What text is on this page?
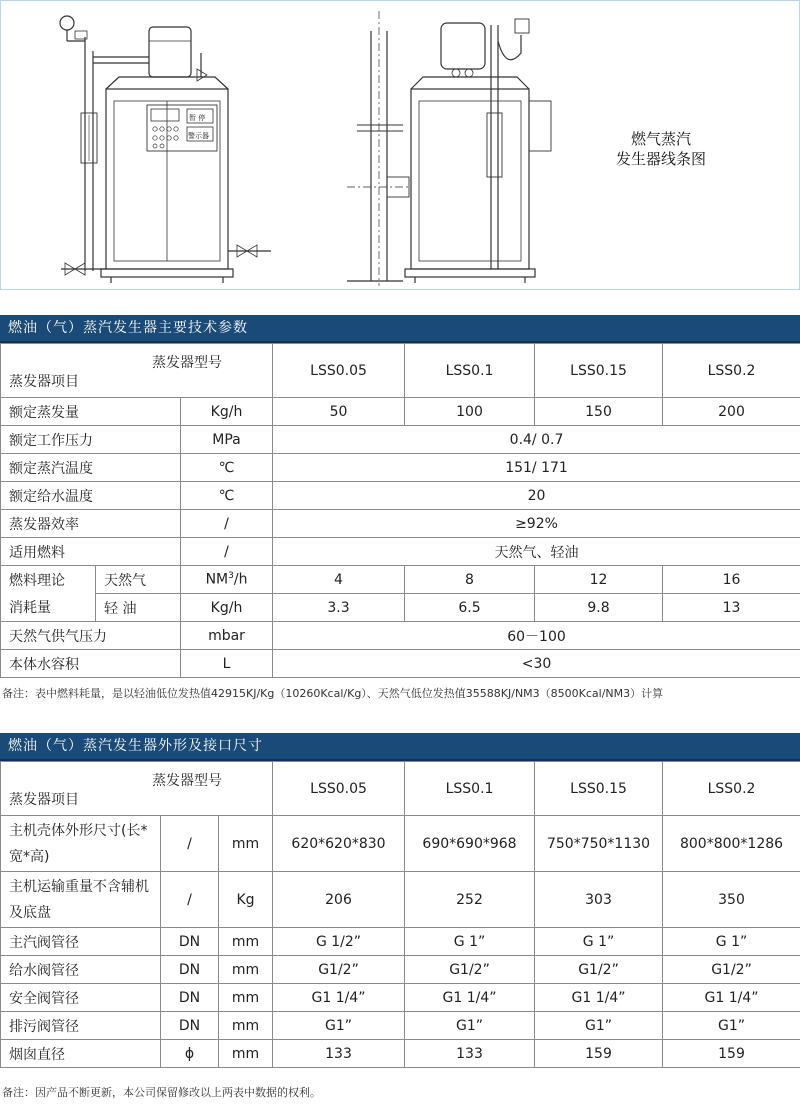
暂 停
警示器	燃气蒸汽
发生器线条图
燃油（气）蒸汽发生器主要技术参数
蒸发器型号
蒸发器项目			LSS0.05	LSS0.1	LSS0.15	LSS0.2
额定蒸发量		Kg/h	50	100	150	200
额定工作压力		MPa	0.4/ 0.7			
额定蒸汽温度		℃	151/ 171			
额定给水温度		℃	20			
蒸发器效率		/	≥92%			
适用燃料		/	天然气、轻油			
燃料理论	天然气	$NM^3/h$	4	8	12	16
消耗量	轻 油	Kg/h	3.3	6.5	9.8	13
天然气供气压力		mbar	60－100			
本体水容积		L	<30			
备注：表中燃料耗量，是以轻油低位发热值42915KJ/Kg（10260Kcal/Kg）、天然气低位发热值35588KJ/NM3（8500Kcal/NM3）计算
燃油（气）蒸汽发生器外形及接口尺寸
蒸发器型号
蒸发器项目			LSS0.05	LSS0.1	LSS0.15	LSS0.2
主机壳体外形尺寸(长*宽*高)	/	mm	620*620*830	690*690*968	750*750*1130	800*800*1286
主机运输重量不含辅机及底盘	/	Kg	206	252	303	350
主汽阀管径	DN	mm	G 1/2”	G 1”	G 1”	G 1”
给水阀管径	DN	mm	G1/2”	G1/2”	G1/2”	G1/2”
安全阀管径	DN	mm	G1 1/4”	G1 1/4”	G1 1/4”	G1 1/4”
排污阀管径	DN	mm	G1”	G1”	G1”	G1”
烟囱直径	ϕ	mm	133	133	159	159
备注：因产品不断更新，本公司保留修改以上两表中数据的权利。
